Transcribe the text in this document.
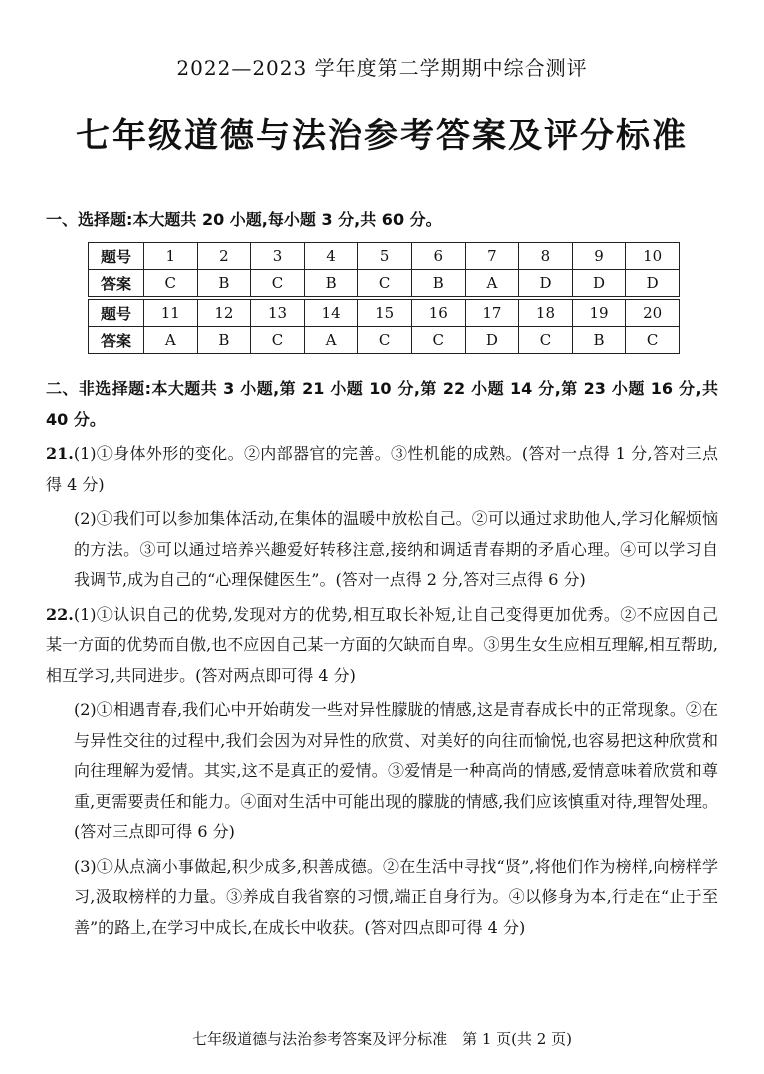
2022—2023 学年度第二学期期中综合测评
七年级道德与法治参考答案及评分标准
一、选择题:本大题共 20 小题,每小题 3 分,共 60 分。
题号	1	2	3	4	5	6	7	8	9	10
答案	C	B	C	B	C	B	A	D	D	D
题号	11	12	13	14	15	16	17	18	19	20
答案	A	B	C	A	C	C	D	C	B	C

二、非选择题:本大题共 3 小题,第 21 小题 10 分,第 22 小题 14 分,第 23 小题 16 分,共 40 分。

21.(1)①身体外形的变化。②内部器官的完善。③性机能的成熟。(答对一点得 1 分,答对三点得 4 分)

(2)①我们可以参加集体活动,在集体的温暖中放松自己。②可以通过求助他人,学习化解烦恼的方法。③可以通过培养兴趣爱好转移注意,接纳和调适青春期的矛盾心理。④可以学习自我调节,成为自己的“心理保健医生”。(答对一点得 2 分,答对三点得 6 分)

22.(1)①认识自己的优势,发现对方的优势,相互取长补短,让自己变得更加优秀。②不应因自己某一方面的优势而自傲,也不应因自己某一方面的欠缺而自卑。③男生女生应相互理解,相互帮助,相互学习,共同进步。(答对两点即可得 4 分)

(2)①相遇青春,我们心中开始萌发一些对异性朦胧的情感,这是青春成长中的正常现象。②在与异性交往的过程中,我们会因为对异性的欣赏、对美好的向往而愉悦,也容易把这种欣赏和向往理解为爱情。其实,这不是真正的爱情。③爱情是一种高尚的情感,爱情意味着欣赏和尊重,更需要责任和能力。④面对生活中可能出现的朦胧的情感,我们应该慎重对待,理智处理。(答对三点即可得 6 分)

(3)①从点滴小事做起,积少成多,积善成德。②在生活中寻找“贤”,将他们作为榜样,向榜样学习,汲取榜样的力量。③养成自我省察的习惯,端正自身行为。④以修身为本,行走在“止于至善”的路上,在学习中成长,在成长中收获。(答对四点即可得 4 分)

七年级道德与法治参考答案及评分标准　第 1 页(共 2 页)
